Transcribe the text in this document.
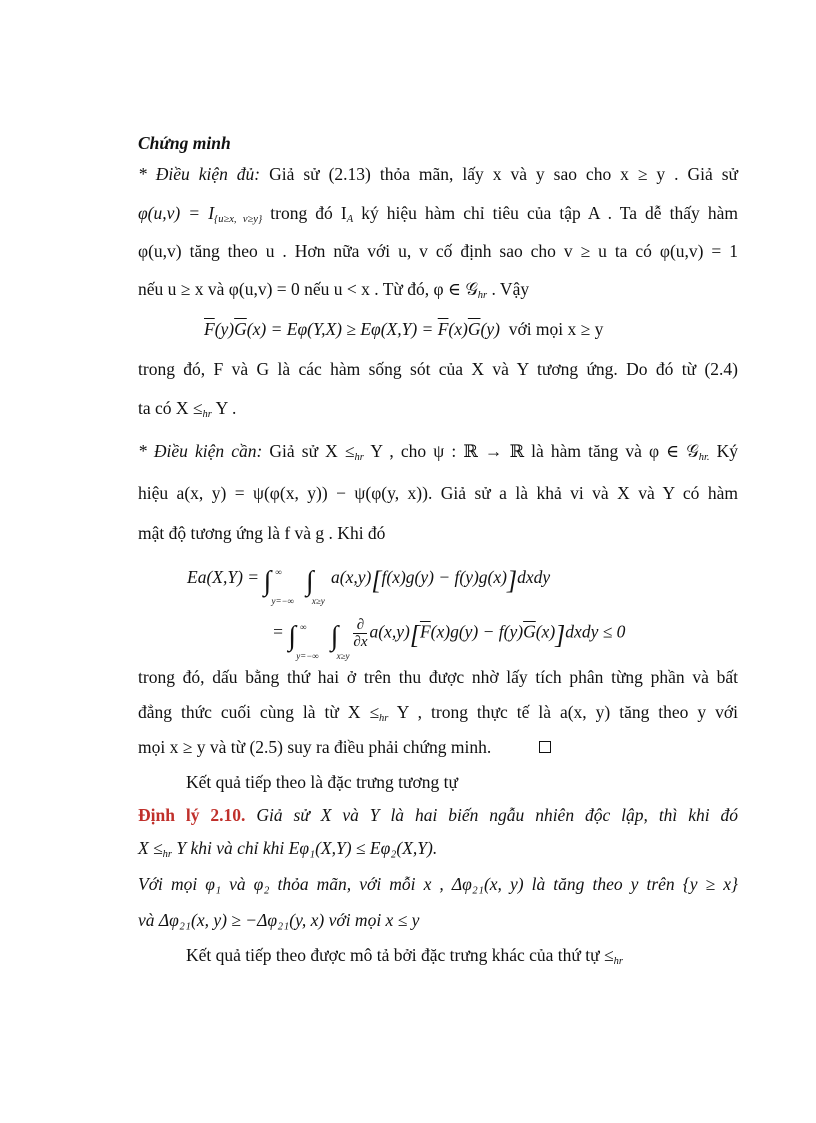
Chứng minh
* Điều kiện đủ: Giả sử (2.13) thỏa mãn, lấy x và y sao cho x ≥ y . Giả sử
$\varphi(u,v) = I_{\{u\ge x, v\ge y\}}$ trong đó $I_A$ ký hiệu hàm chỉ tiêu của tập A . Ta dễ thấy hàm
φ(u,v) tăng theo u . Hơn nữa với u, v cố định sao cho v ≥ u ta có φ(u,v) = 1
nếu u ≥ x và φ(u,v) = 0 nếu u < x . Từ đó, φ ∈ 𝒢$_{hr}$ . Vậy
$\overline{F}(y)\overline{G}(x) = E\varphi(Y,X) \ge E\varphi(X,Y) = \overline{F}(x)\overline{G}(y)$  với mọi x ≥ y
trong đó, F và G là các hàm sống sót của X và Y tương ứng. Do đó từ (2.4)
ta có $X \le_{hr}$ Y .
* Điều kiện cần: Giả sử $X \le_{hr}$ Y , cho ψ : ℝ → ℝ là hàm tăng và φ ∈ 𝒢$_{hr.}$ Ký
hiệu a(x, y) = ψ(φ(x, y)) − ψ(φ(y, x)). Giả sử a là khả vi và X và Y có hàm
mật độ tương ứng là f và g . Khi đó
Ea(X,Y) = ∫ ∞
y=−∞
∫
x≥y
a(x,y)[f(x)g(y) − f(y)g(x)]dxdy
= ∫ ∞
y=−∞
∫
x≥y

$\frac{\partial}{\partial x} a(x,y)[\overline{F}(x)g(y)$ − $f(y)\overline{G}(x)]dxdy \le 0$
trong đó, dấu bằng thứ hai ở trên thu được nhờ lấy tích phân từng phần và bất
đẳng thức cuối cùng là từ $X \le_{hr}$ Y , trong thực tế là a(x, y) tăng theo y với
mọi x ≥ y và từ (2.5) suy ra điều phải chứng minh.
Kết quả tiếp theo là đặc trưng tương tự
Định lý 2.10. Giả sử X và Y là hai biến ngẫu nhiên độc lập, thì khi đó
$X \le_{hr}$ Y khi và chỉ khi Eφ₁(X,Y) ≤ Eφ₂(X,Y).
Với mọi φ₁ và φ₂ thỏa mãn, với mỗi x , Δφ₂₁(x, y) là tăng theo y trên {y ≥ x}
và Δφ₂₁(x, y) ≥ −Δφ₂₁(y, x) với mọi x ≤ y
Kết quả tiếp theo được mô tả bởi đặc trưng khác của thứ tự $\le_{hr}$
